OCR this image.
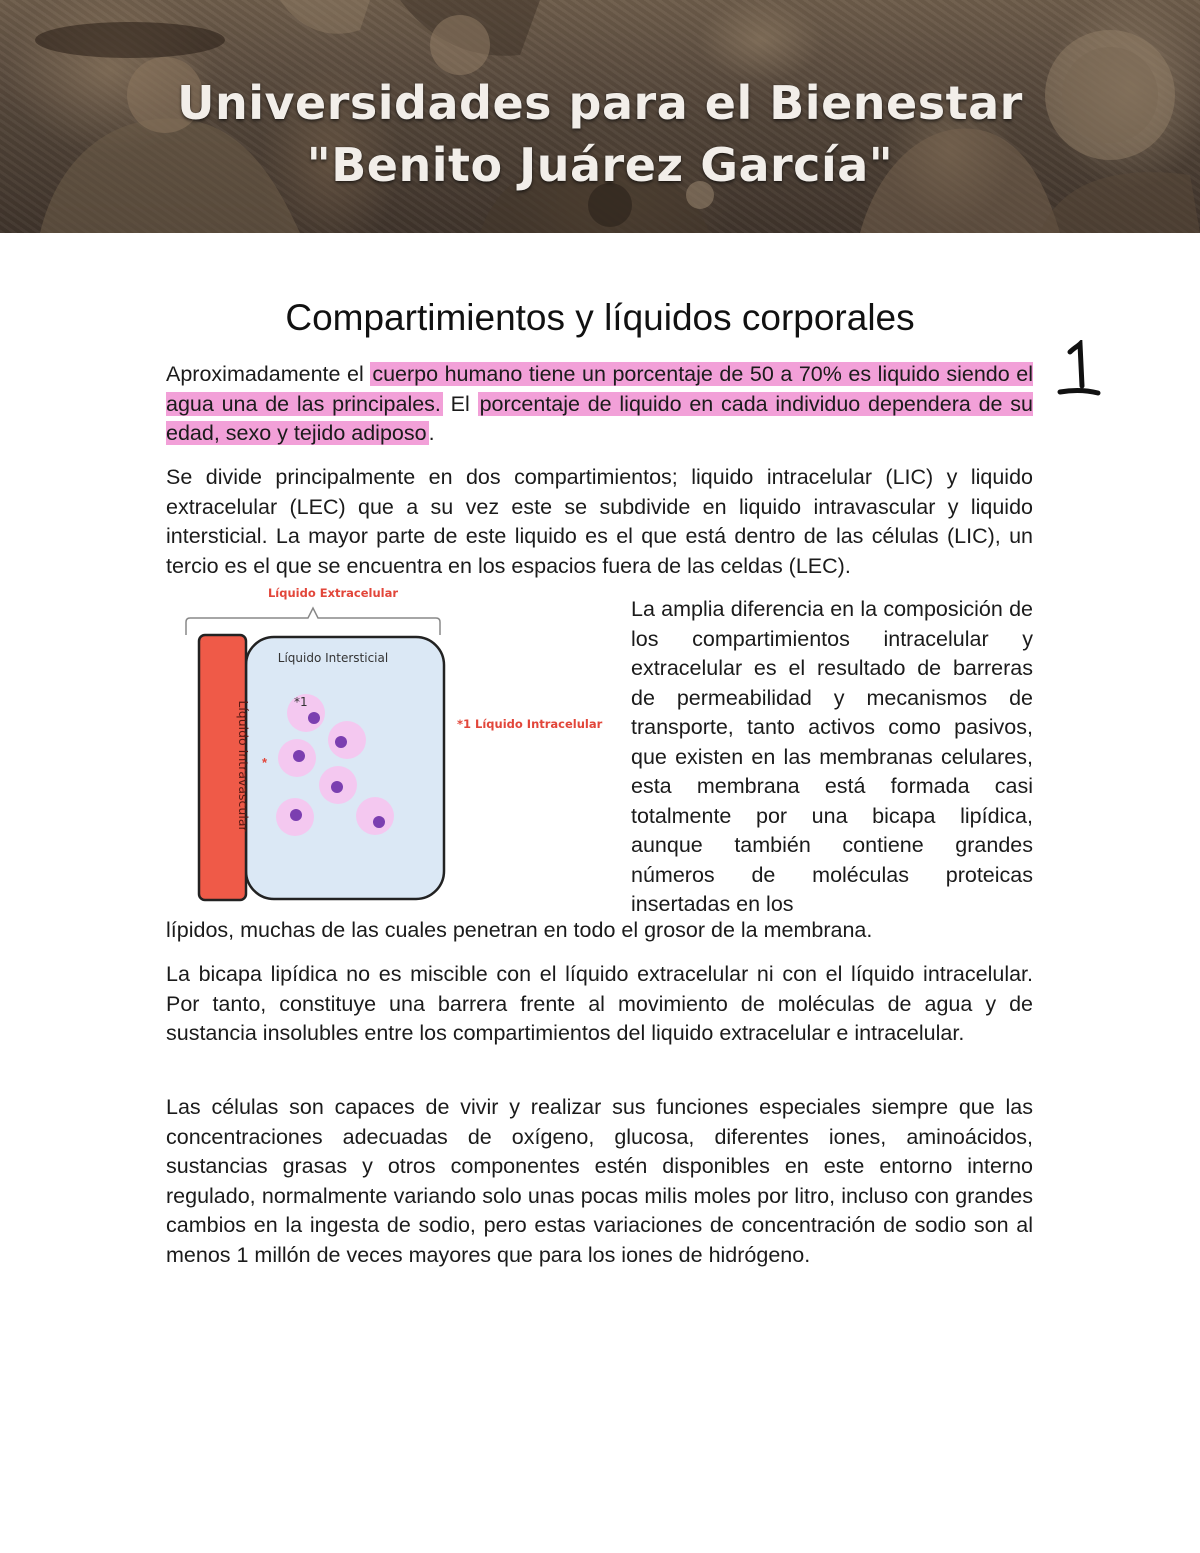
Universidades para el Bienestar
"Benito Juárez García"
Compartimientos y líquidos corporales

Aproximadamente el cuerpo humano tiene un porcentaje de 50 a 70% es liquido siendo el agua una de las principales. El porcentaje de liquido en cada individuo dependera de su edad, sexo y tejido adiposo.

Se divide principalmente en dos compartimientos; liquido intracelular (LIC) y liquido extracelular (LEC) que a su vez este se subdivide en liquido intravascular y liquido intersticial. La mayor parte de este liquido es el que está dentro de las células (LIC), un tercio es el que se encuentra en los espacios fuera de las celdas (LEC).

Líquido Extracelular
Líquido Intersticial
*1 Líquido Intracelular
Líquido Intravascular	*1
*

La amplia diferencia en la composición de los compartimientos intracelular y extracelular es el resultado de barreras de permeabilidad y mecanismos de transporte, tanto activos como pasivos, que existen en las membranas celulares, esta membrana está formada casi totalmente por una bicapa lipídica, aunque también contiene grandes números de moléculas proteicas insertadas en los

lípidos, muchas de las cuales penetran en todo el grosor de la membrana.

La bicapa lipídica no es miscible con el líquido extracelular ni con el líquido intracelular. Por tanto, constituye una barrera frente al movimiento de moléculas de agua y de sustancia insolubles entre los compartimientos del liquido extracelular e intracelular.

Las células son capaces de vivir y realizar sus funciones especiales siempre que las concentraciones adecuadas de oxígeno, glucosa, diferentes iones, aminoácidos, sustancias grasas y otros componentes estén disponibles en este entorno interno regulado, normalmente variando solo unas pocas milis moles por litro, incluso con grandes cambios en la ingesta de sodio, pero estas variaciones de concentración de sodio son al menos 1 millón de veces mayores que para los iones de hidrógeno.
